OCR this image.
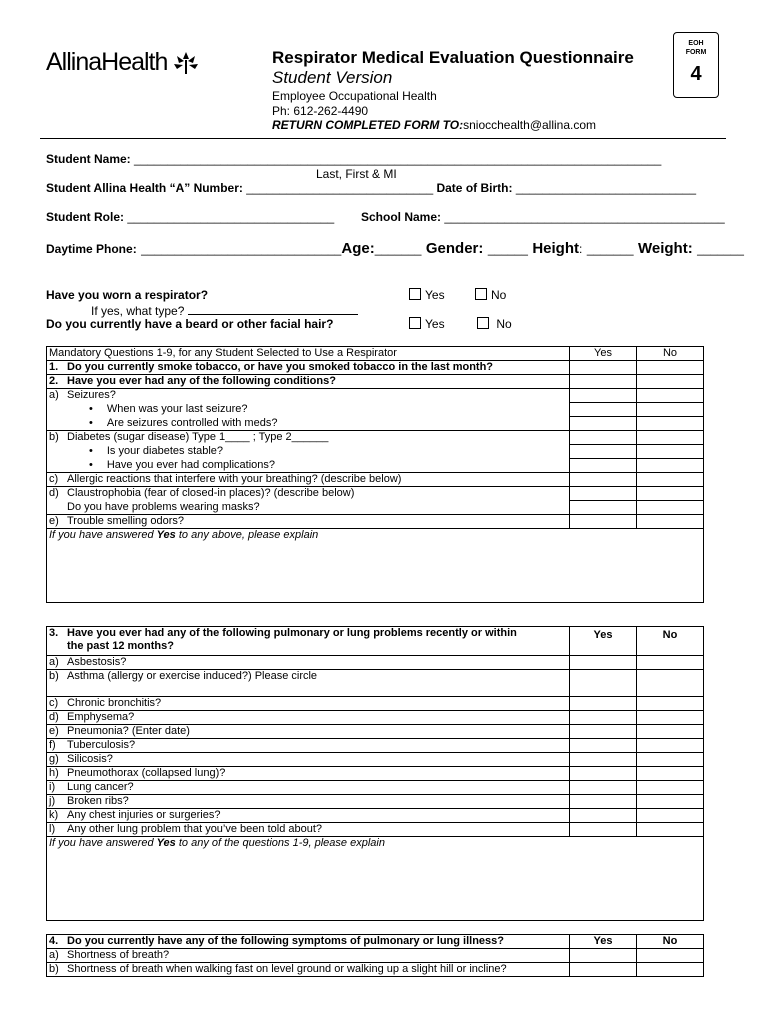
AllinaHealth	Respirator Medical Evaluation Questionnaire
Student Version
Employee Occupational Health
Ph: 612-262-4490
RETURN COMPLETED FORM TO:sniocchealth@allina.com
EOH
FORM
4
Student Name: _______________________________________________________________________________
Last, First & MI
Student Allina Health “A” Number: ____________________________ Date of Birth: ___________________________
Student Role: _______________________________ School Name: __________________________________________
Daytime Phone: ______________________________Age:_______ Gender: ______ Height: _______ Weight: _______
Have you worn a respirator?	Yes	No
If yes, what type?
Do you currently have a beard or other facial hair?	Yes	No
Mandatory Questions 1-9, for any Student Selected to Use a Respirator		Yes	No
1.	Do you currently smoke tobacco, or have you smoked tobacco in the last month?		
2.	Have you ever had any of the following conditions?		
a)	Seizures?		
	• When was your last seizure?		
	• Are seizures controlled with meds?		
b)	Diabetes (sugar disease) Type 1____ ; Type 2______		
	• Is your diabetes stable?		
	• Have you ever had complications?		
c)	Allergic reactions that interfere with your breathing? (describe below)		
d)	Claustrophobia (fear of closed-in places)? (describe below)		
	Do you have problems wearing masks?		
e)	Trouble smelling odors?		
If you have answered Yes to any above, please explain			
3.	Have you ever had any of the following pulmonary or lung problems recently or within
the past 12 months?	Yes	No
a)	Asbestosis?		
b)	Asthma (allergy or exercise induced?) Please circle		
c)	Chronic bronchitis?		
d)	Emphysema?		
e)	Pneumonia? (Enter date)		
f)	Tuberculosis?		
g)	Silicosis?		
h)	Pneumothorax (collapsed lung)?		
i)	Lung cancer?		
j)	Broken ribs?		
k)	Any chest injuries or surgeries?		
l)	Any other lung problem that you’ve been told about?		
If you have answered Yes to any of the questions 1-9, please explain			
4.	Do you currently have any of the following symptoms of pulmonary or lung illness?	Yes	No
a)	Shortness of breath?		
b)	Shortness of breath when walking fast on level ground or walking up a slight hill or incline?		
